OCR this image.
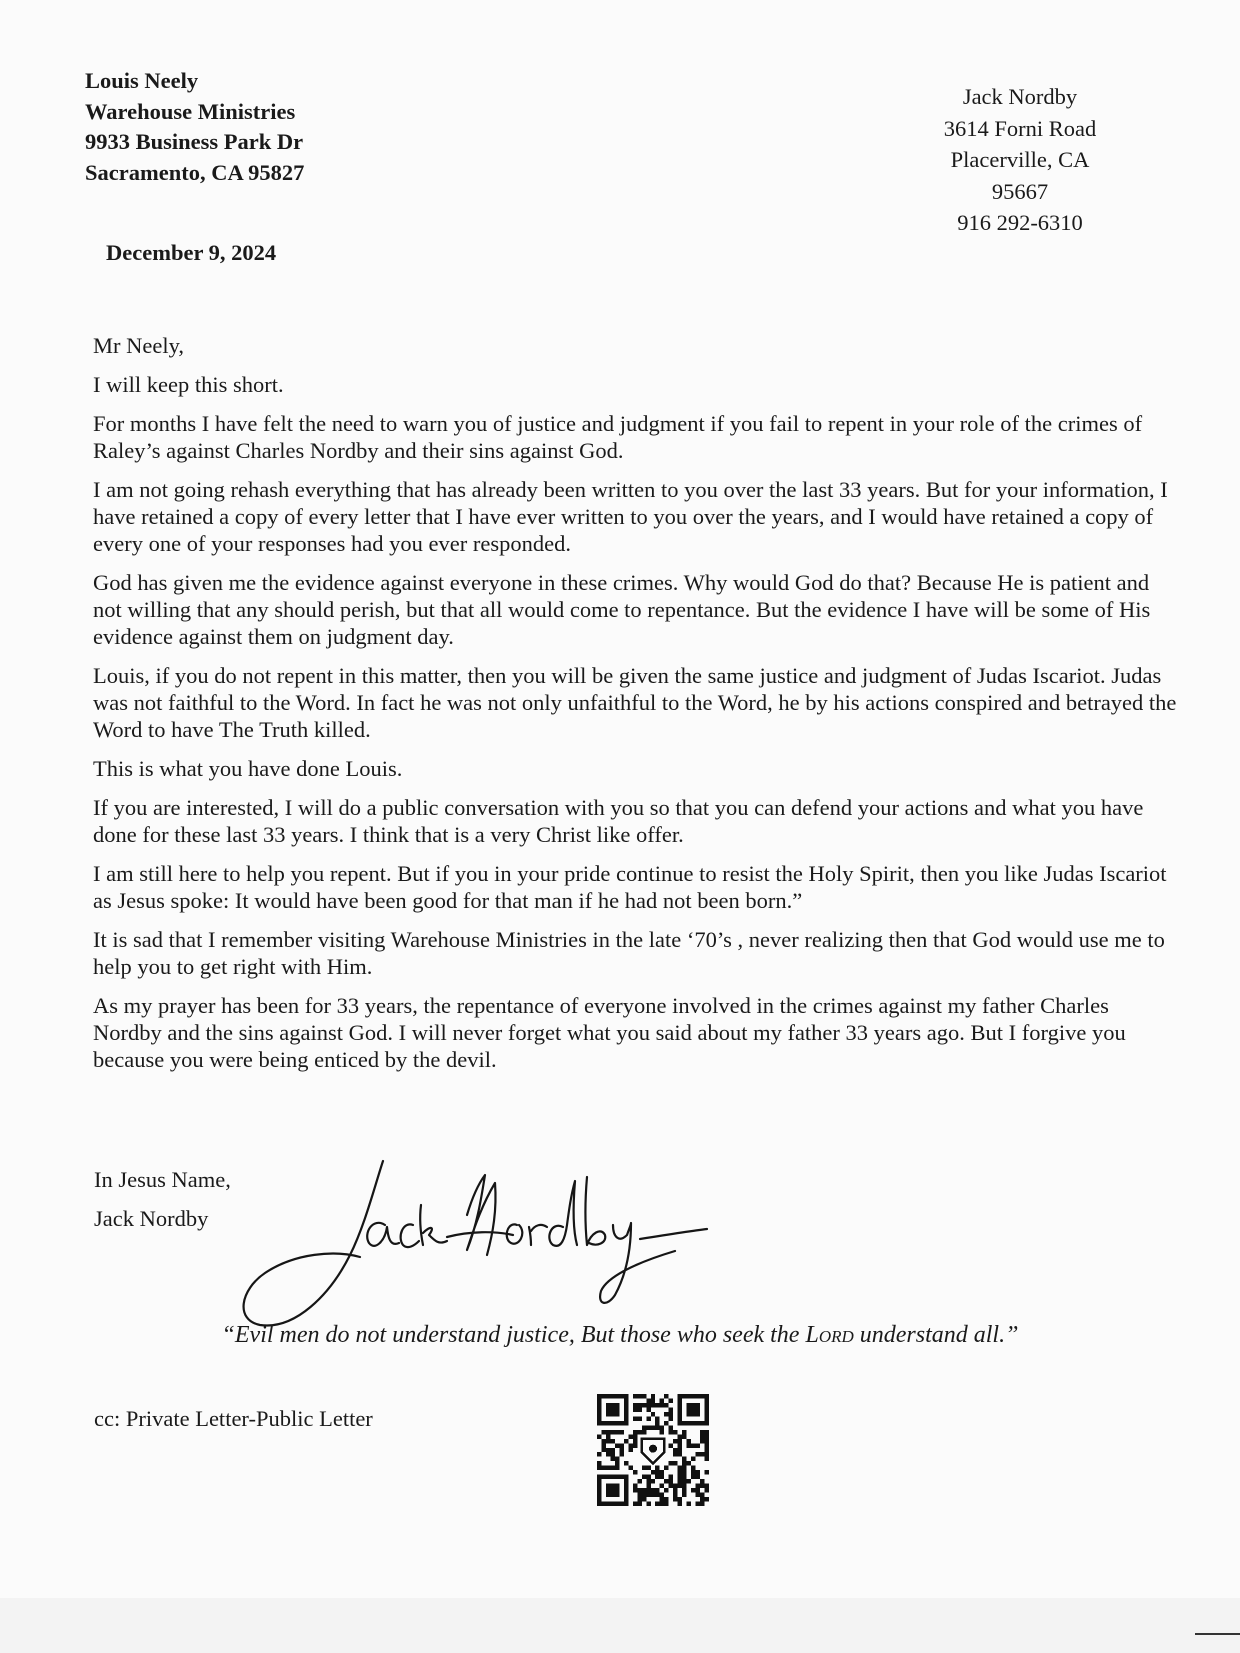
Louis Neely
Warehouse Ministries
9933 Business Park Dr
Sacramento, CA 95827
Jack Nordby
3614 Forni Road
Placerville, CA
95667
916 292-6310
December 9, 2024

Mr Neely,

I will keep this short.

For months I have felt the need to warn you of justice and judgment if you fail to repent in your role of the crimes of Raley’s against Charles Nordby and their sins against God.

I am not going rehash everything that has already been written to you over the last 33 years. But for your information, I have retained a copy of every letter that I have ever written to you over the years, and I would have retained a copy of every one of your responses had you ever responded.

God has given me the evidence against everyone in these crimes. Why would God do that? Because He is patient and not willing that any should perish, but that all would come to repentance. But the evidence I have will be some of His evidence against them on judgment day.

Louis, if you do not repent in this matter, then you will be given the same justice and judgment of Judas Iscariot. Judas was not faithful to the Word. In fact he was not only unfaithful to the Word, he by his actions conspired and betrayed the Word to have The Truth killed.

This is what you have done Louis.

If you are interested, I will do a public conversation with you so that you can defend your actions and what you have done for these last 33 years. I think that is a very Christ like offer.

I am still here to help you repent. But if you in your pride continue to resist the Holy Spirit, then you like Judas Iscariot as Jesus spoke: It would have been good for that man if he had not been born.”

It is sad that I remember visiting Warehouse Ministries in the late ‘70’s , never realizing then that God would use me to help you to get right with Him.

As my prayer has been for 33 years, the repentance of everyone involved in the crimes against my father Charles Nordby and the sins against God. I will never forget what you said about my father 33 years ago. But I forgive you because you were being enticed by the devil.

In Jesus Name,
Jack Nordby
“Evil men do not understand justice, But those who seek the Lord understand all.”
cc: Private Letter-Public Letter
